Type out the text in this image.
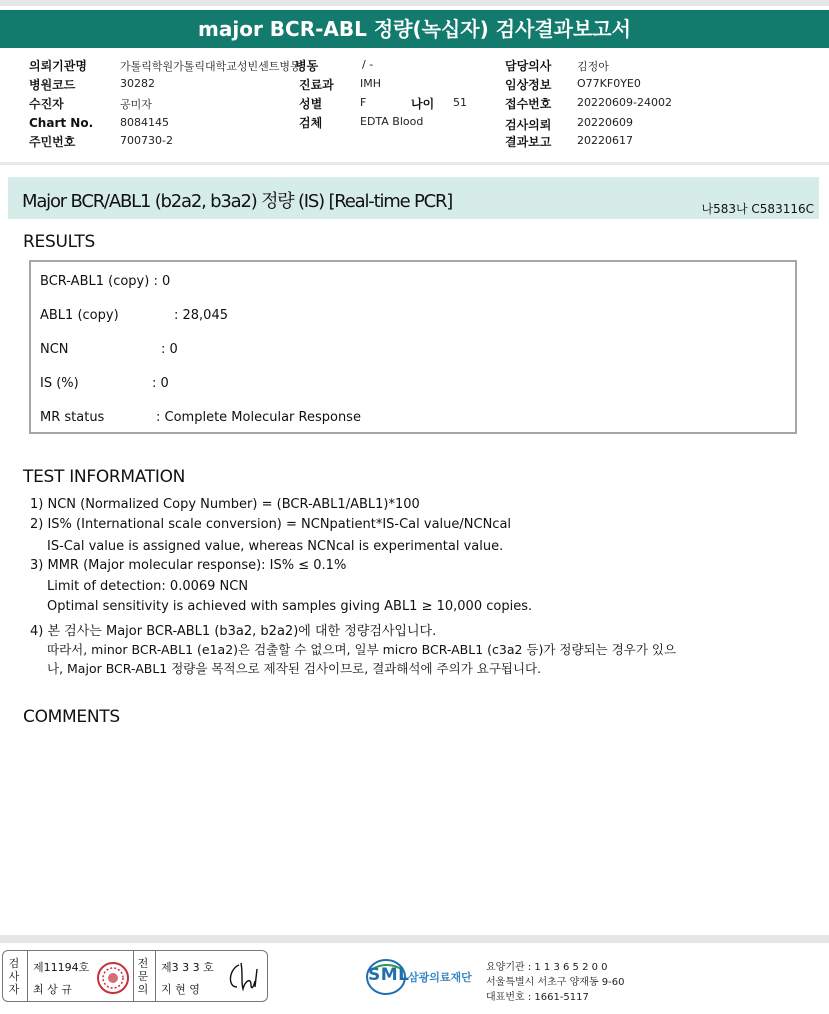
major BCR-ABL 정량(녹십자) 검사결과보고서
의뢰기관명	가톨릭학원가톨릭대학교성빈센트병동
병동	/ -	담당의사 김정아
병원코드	30282	진료과 IMH	임상정보 O77KF0YE0
수진자	공미자	성별	F	나이 51	접수번호 20220609-24002
Chart No. 8084145	검체	EDTA Blood	검사의뢰 20220609
주민번호	700730-2	결과보고 20220617
Major BCR/ABL1 (b2a2, b3a2) 정량 (IS) [Real-time PCR]	나583나 C583116C
RESULTS
BCR-ABL1 (copy) : 0
ABL1 (copy)	: 28,045
NCN	: 0
IS (%)	: 0
MR status	: Complete Molecular Response
TEST INFORMATION
1) NCN (Normalized Copy Number) = (BCR-ABL1/ABL1)*100
2) IS% (International scale conversion) = NCNpatient*IS-Cal value/NCNcal
IS-Cal value is assigned value, whereas NCNcal is experimental value.
3) MMR (Major molecular response): IS% ≤ 0.1%
Limit of detection: 0.0069 NCN
Optimal sensitivity is achieved with samples giving ABL1 ≥ 10,000 copies.
4) 본 검사는 Major BCR-ABL1 (b3a2, b2a2)에 대한 정량검사입니다.
따라서, minor BCR-ABL1 (e1a2)은 검출할 수 없으며, 일부 micro BCR-ABL1 (c3a2 등)가 정량되는 경우가 있으
나, Major BCR-ABL1 정량을 목적으로 제작된 검사이므로, 결과해석에 주의가 요구됩니다.
COMMENTS
검사자
제11194호
최 상 규
전문의
제3 3 3 호
지 현 영
SML
삼광의료재단
요양기관 : 1 1 3 6 5 2 0 0
서울특별시 서초구 양재동 9-60
대표번호 : 1661-5117
